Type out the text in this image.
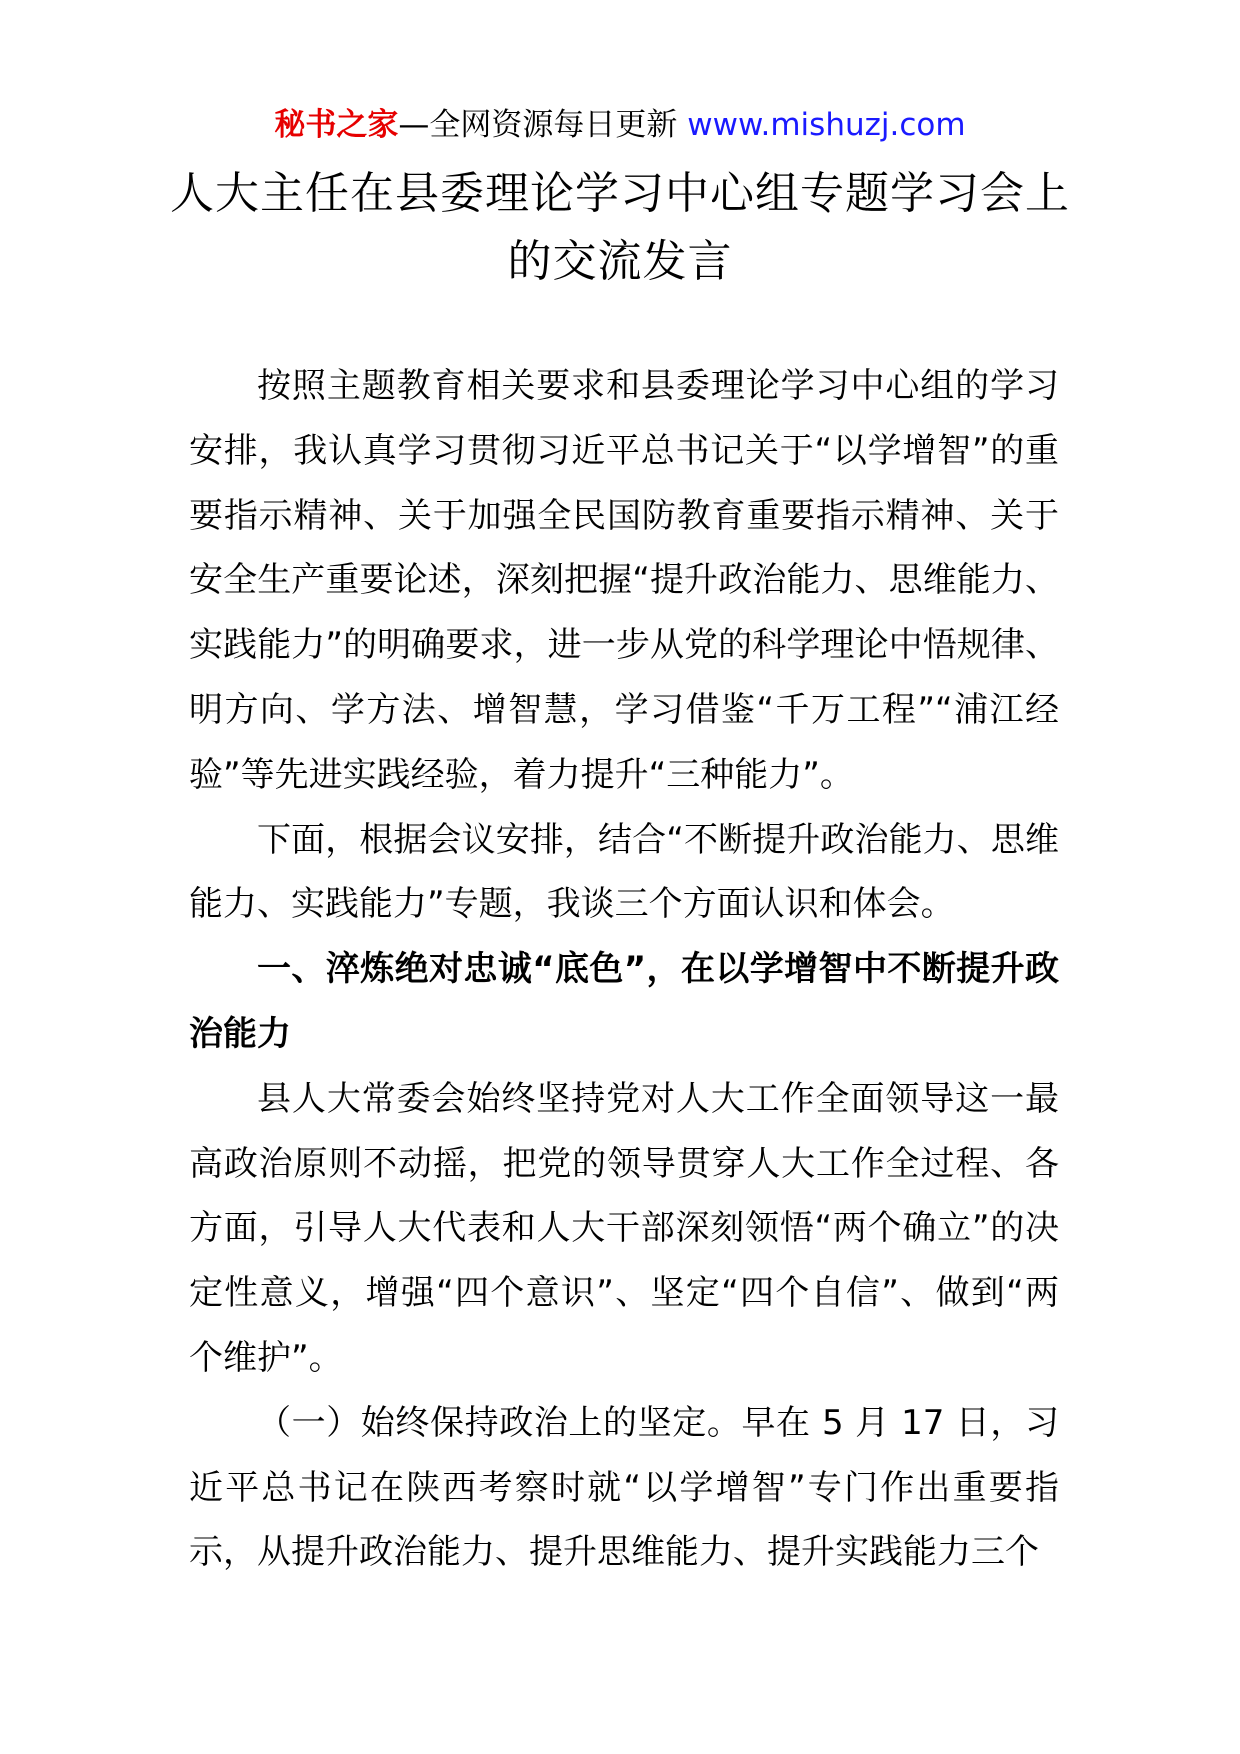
秘书之家—全网资源每日更新 www.mishuzj.com
人大主任在县委理论学习中心组专题学习会上的交流发言

按照主题教育相关要求和县委理论学习中心组的学习安排，我认真学习贯彻习近平总书记关于“以学增智”的重要指示精神、关于加强全民国防教育重要指示精神、关于安全生产重要论述，深刻把握“提升政治能力、思维能力、实践能力”的明确要求，进一步从党的科学理论中悟规律、明方向、学方法、增智慧，学习借鉴“千万工程”“浦江经验”等先进实践经验，着力提升“三种能力”。

下面，根据会议安排，结合“不断提升政治能力、思维能力、实践能力”专题，我谈三个方面认识和体会。

一、淬炼绝对忠诚“底色”，在以学增智中不断提升政治能力

县人大常委会始终坚持党对人大工作全面领导这一最高政治原则不动摇，把党的领导贯穿人大工作全过程、各方面，引导人大代表和人大干部深刻领悟“两个确立”的决定性意义，增强“四个意识”、坚定“四个自信”、做到“两个维护”。

（一）始终保持政治上的坚定。早在 5 月 17 日，习近平总书记在陕西考察时就“以学增智”专门作出重要指示，从提升政治能力、提升思维能力、提升实践能力三个
